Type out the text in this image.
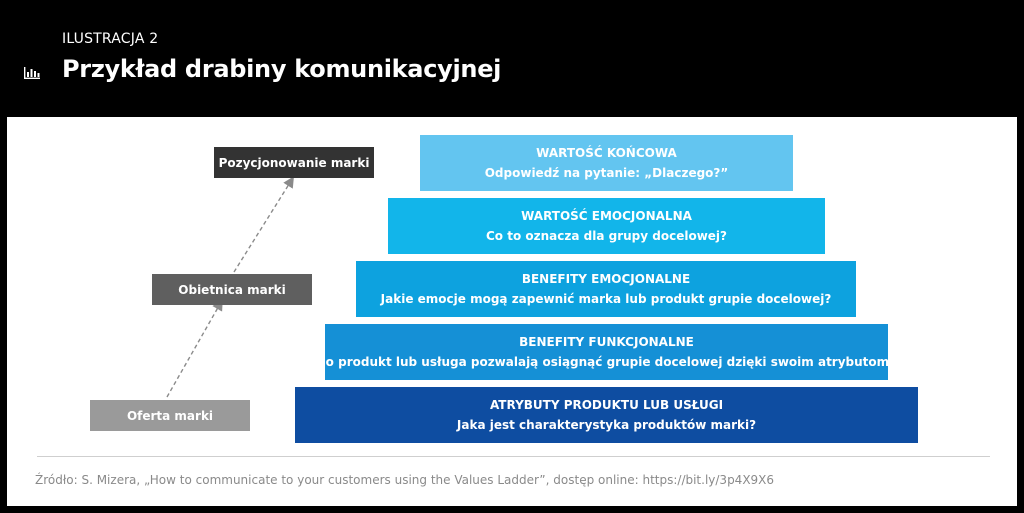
ILUSTRACJA 2
Przykład drabiny komunikacyjnej
WARTOŚĆ KOŃCOWA
Odpowiedź na pytanie: „Dlaczego?”
WARTOŚĆ EMOCJONALNA
Co to oznacza dla grupy docelowej?
BENEFITY EMOCJONALNE
Jakie emocje mogą zapewnić marka lub produkt grupie docelowej?
BENEFITY FUNKCJONALNE
Co produkt lub usługa pozwalają osiągnąć grupie docelowej dzięki swoim atrybutom?
ATRYBUTY PRODUKTU LUB USŁUGI
Jaka jest charakterystyka produktów marki?
Pozycjonowanie marki
Obietnica marki
Oferta marki
Źródło: S. Mizera, „How to communicate to your customers using the Values Ladder”, dostęp online: https://bit.ly/3p4X9X6
